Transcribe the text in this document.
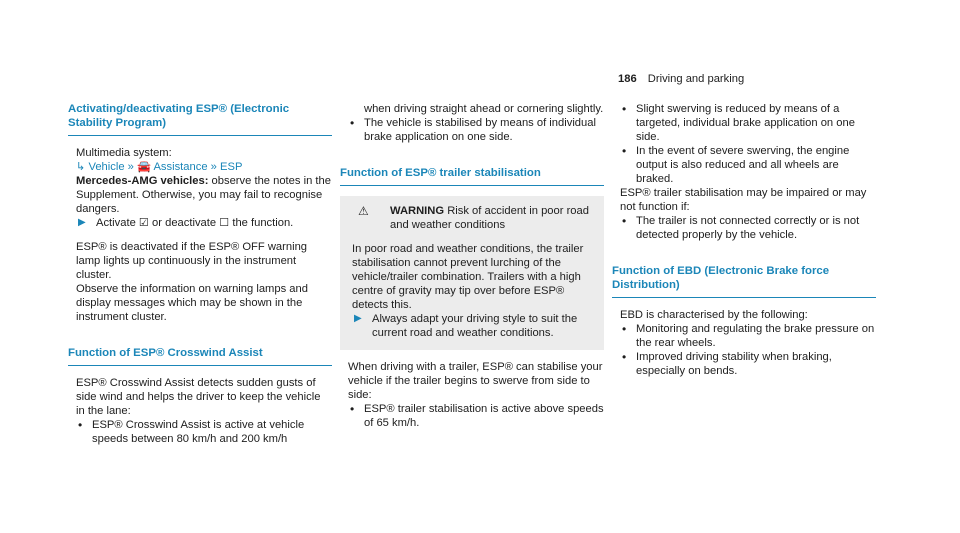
186 Driving and parking
Activating/deactivating ESP® (Electronic Stability Program)

Multimedia system:

↳ Vehicle » 🚘 Assistance » ESP

Mercedes-AMG vehicles: observe the notes in the Supplement. Otherwise, you may fail to recognise dangers.

▶ Activate ☑ or deactivate ☐ the function.

ESP® is deactivated if the ESP® OFF warning lamp lights up continuously in the instrument cluster.

Observe the information on warning lamps and display messages which may be shown in the instrument cluster.

Function of ESP® Crosswind Assist

ESP® Crosswind Assist detects sudden gusts of side wind and helps the driver to keep the vehicle in the lane:

• ESP® Crosswind Assist is active at vehicle speeds between 80 km/h and 200 km/h
when driving straight ahead or cornering slightly.
• The vehicle is stabilised by means of individual brake application on one side.
Function of ESP® trailer stabilisation
⚠ WARNING Risk of accident in poor road and weather conditions

In poor road and weather conditions, the trailer stabilisation cannot prevent lurching of the vehicle/trailer combination. Trailers with a high centre of gravity may tip over before ESP® detects this.

▶ Always adapt your driving style to suit the current road and weather conditions.

When driving with a trailer, ESP® can stabilise your vehicle if the trailer begins to swerve from side to side:

• ESP® trailer stabilisation is active above speeds of 65 km/h.
• Slight swerving is reduced by means of a targeted, individual brake application on one side.
• In the event of severe swerving, the engine output is also reduced and all wheels are braked.

ESP® trailer stabilisation may be impaired or may not function if:

• The trailer is not connected correctly or is not detected properly by the vehicle.
Function of EBD (Electronic Brake force Distribution)

EBD is characterised by the following:

• Monitoring and regulating the brake pressure on the rear wheels.
• Improved driving stability when braking, especially on bends.
